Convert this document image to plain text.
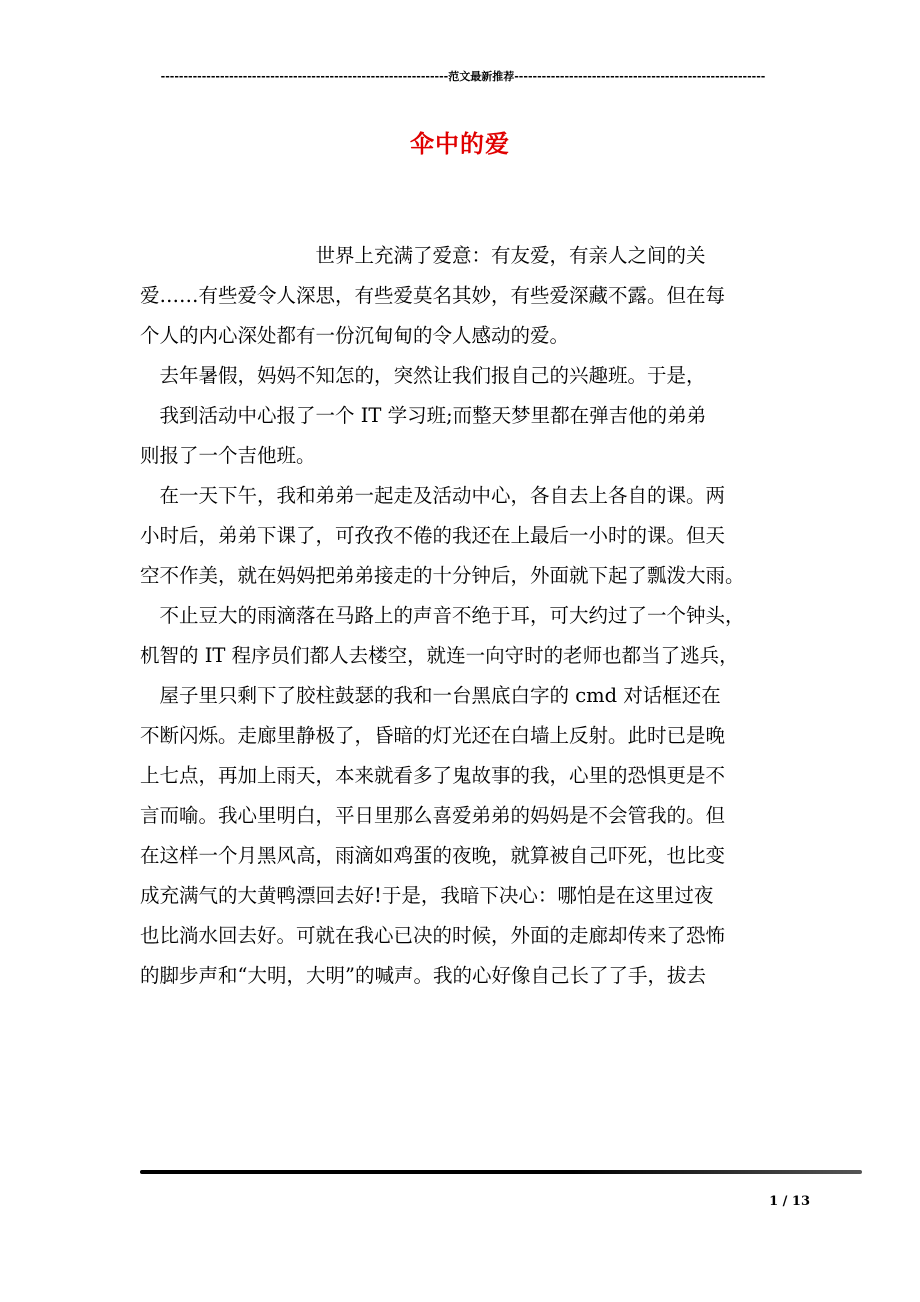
---------------------------------------------------------------范文最新推荐-------------------------------------------------------
伞中的爱
　　　　　　　　　世界上充满了爱意：有友爱，有亲人之间的关
爱……有些爱令人深思，有些爱莫名其妙，有些爱深藏不露。但在每
个人的内心深处都有一份沉甸甸的令人感动的爱。
　去年暑假，妈妈不知怎的，突然让我们报自己的兴趣班。于是，
　我到活动中心报了一个 IT 学习班;而整天梦里都在弹吉他的弟弟
则报了一个吉他班。
　在一天下午，我和弟弟一起走及活动中心，各自去上各自的课。两
小时后，弟弟下课了，可孜孜不倦的我还在上最后一小时的课。但天
空不作美，就在妈妈把弟弟接走的十分钟后，外面就下起了瓢泼大雨。
　不止豆大的雨滴落在马路上的声音不绝于耳，可大约过了一个钟头，
机智的 IT 程序员们都人去楼空，就连一向守时的老师也都当了逃兵，
　屋子里只剩下了胶柱鼓瑟的我和一台黑底白字的 cmd 对话框还在
不断闪烁。走廊里静极了，昏暗的灯光还在白墙上反射。此时已是晚
上七点，再加上雨天，本来就看多了鬼故事的我，心里的恐惧更是不
言而喻。我心里明白，平日里那么喜爱弟弟的妈妈是不会管我的。但
在这样一个月黑风高，雨滴如鸡蛋的夜晚，就算被自己吓死，也比变
成充满气的大黄鸭漂回去好!于是，我暗下决心：哪怕是在这里过夜
也比淌水回去好。可就在我心已决的时候，外面的走廊却传来了恐怖
的脚步声和“大明，大明”的喊声。我的心好像自己长了了手，拔去
1 / 13
